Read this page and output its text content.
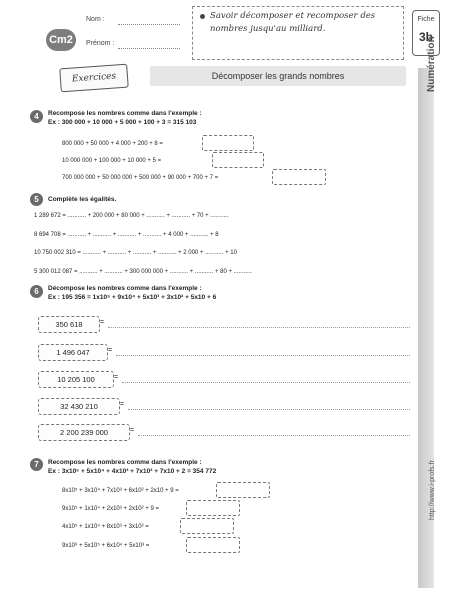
Cm2
Nom :
Prénom :
Savoir décomposer et recomposer des nombres jusqu'au milliard.
Fiche
3b
Numération
http://www.i-profs.fr
Exercices	Décomposer les grands nombres
4	Recompose les nombres comme dans l'exemple :
Ex : 300 000 + 10 000 + 5 000 + 100 + 3 = 315 103
800 000 + 50 000 + 4 000 + 200 + 8 =
10 000 000 + 100 000 + 10 000 + 5 =
700 000 000 + 50 000 000 + 500 000 + 90 000 + 700 + 7 =
5	Complète les égalités.
1 289 672 = ........... + 200 000 + 80 000 + ........... + ........... + 70 + ...........
8 694 708 = ........... + ........... + ........... + ........... + 4 000 + ........... + 8
10 750 002 310 = ........... + ........... + ........... + ........... + 2 000 + ........... + 10
5 300 012 087 = ........... + ........... + 300 000 000 + ........... + ........... + 80 + ...........
6	Décompose les nombres comme dans l'exemple :
Ex : 195 356 = 1x10⁵ + 9x10⁴ + 5x10³ + 3x10² + 5x10 + 6
350 618	=
1 496 047	=
10 205 100	=
32 430 210	=
2 200 239 000	=
7	Recompose les nombres comme dans l'exemple :
Ex : 3x10⁵ + 5x10⁴ + 4x10³ + 7x10² + 7x10 + 2 = 354 772
8x10⁵ + 3x10⁴ + 7x10³ + 6x10² + 2x10 + 9 =
9x10⁵ + 1x10⁴ + 2x10³ + 2x10² + 9 =
4x10⁵ + 1x10⁴ + 8x10³ + 3x10² =
9x10⁶ + 5x10⁵ + 6x10⁴ + 5x10³ =
